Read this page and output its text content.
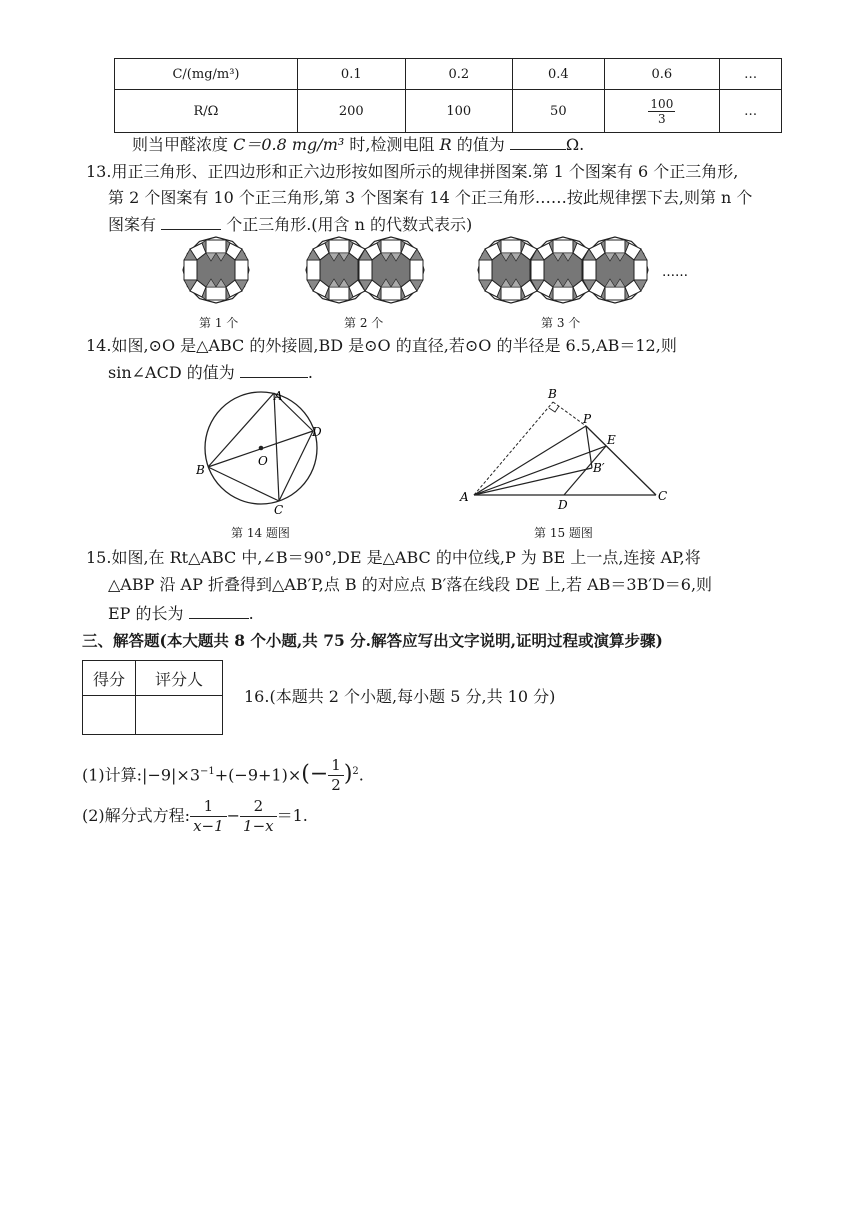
C/(mg/m³)	0.1	0.2	0.4	0.6	…
R/Ω	200	100	50	$\frac{100}{3}$	…
则当甲醛浓度 C＝0.8 mg/m³ 时,检测电阻 R 的值为	Ω.
13.用正三角形、正四边形和正六边形按如图所示的规律拼图案.第 1 个图案有 6 个正三角形,
第 2 个图案有 10 个正三角形,第 3 个图案有 14 个正三角形……按此规律摆下去,则第 n 个
图案有	个正三角形.(用含 n 的代数式表示)
……
第 1 个	第 2 个	第 3 个
14.如图,⊙O 是△ABC 的外接圆,BD 是⊙O 的直径,若⊙O 的半径是 6.5,AB＝12,则
sin∠ACD 的值为	.
A
B
C
D
O
第 14 题图
A
B
C
D
E
P
B′
第 15 题图
15.如图,在 Rt△ABC 中,∠B＝90°,DE 是△ABC 的中位线,P 为 BE 上一点,连接 AP,将
△ABP 沿 AP 折叠得到△AB′P,点 B 的对应点 B′落在线段 DE 上,若 AB＝3B′D＝6,则
EP 的长为	.
三、解答题(本大题共 8 个小题,共 75 分.解答应写出文字说明,证明过程或演算步骤)
得分	评分人

16.(本题共 2 个小题,每小题 5 分,共 10 分)
(1)计算$:|-9|\times 3^{-1}+(-9+1)\times(- \frac{1}{2} )^2$.
(2)解分式方程: $\frac{1}{x-1} - \frac{2}{1-x} =1$.
